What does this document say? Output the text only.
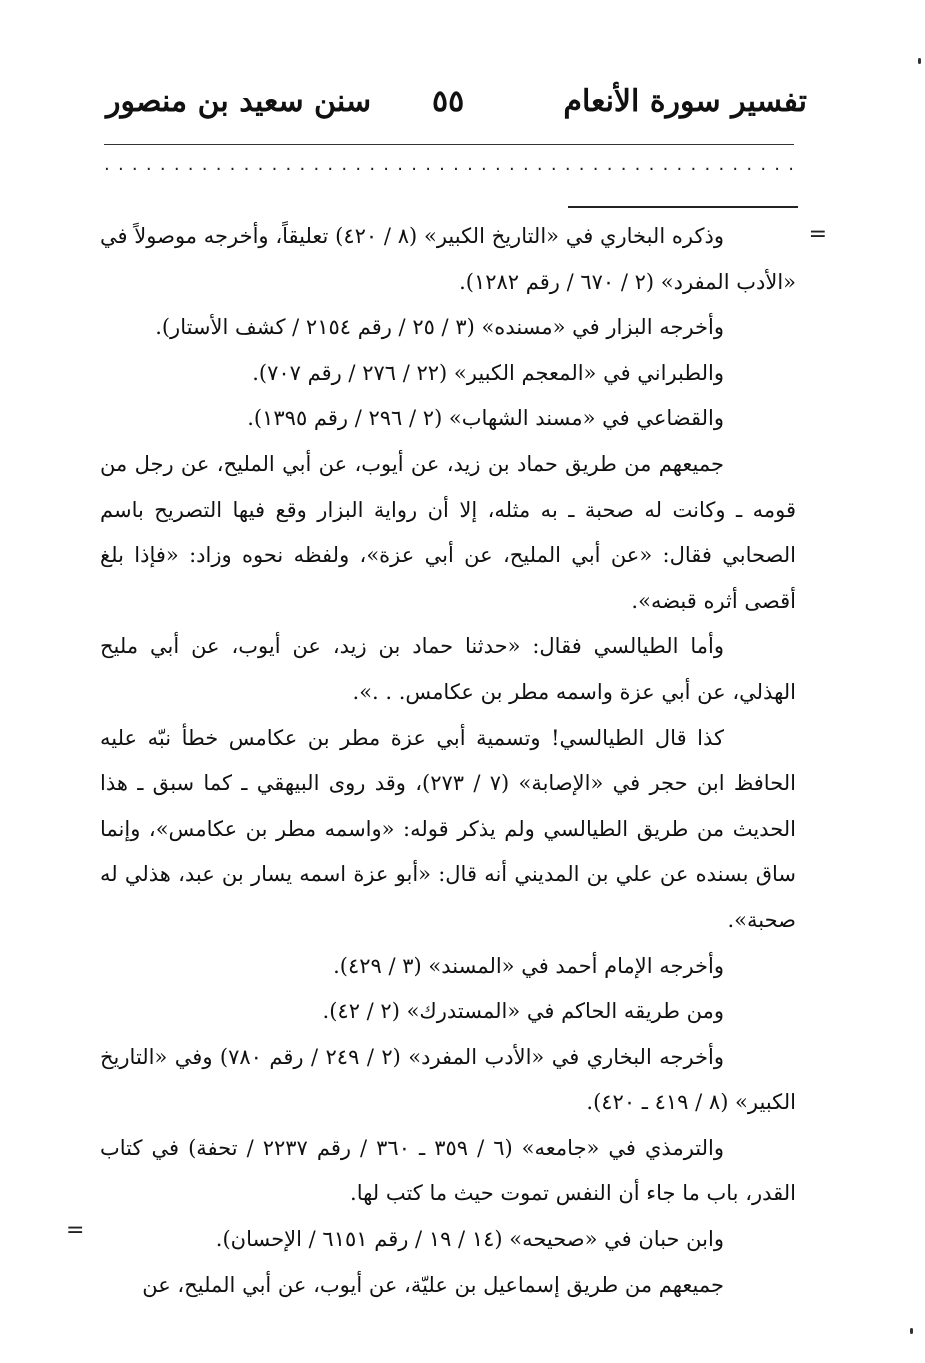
تفسير سورة الأنعام
٥٥
سنن سعيد بن منصور
. . . . . . . . . . . . . . . . . . . . . . . . . . . . . . . . . . . . . . . . . . . . . . . . . .
=
=

وذكره البخاري في «التاريخ الكبير» (٨ / ٤٢٠) تعليقاً، وأخرجه موصولاً في «الأدب المفرد» (٢ / ٦٧٠ / رقم ١٢٨٢).

وأخرجه البزار في «مسنده» (٣ / ٢٥ / رقم ٢١٥٤ / كشف الأستار).

والطبراني في «المعجم الكبير» (٢٢ / ٢٧٦ / رقم ٧٠٧).

والقضاعي في «مسند الشهاب» (٢ / ٢٩٦ / رقم ١٣٩٥).

جميعهم من طريق حماد بن زيد، عن أيوب، عن أبي المليح، عن رجل من قومه ـ وكانت له صحبة ـ به مثله، إلا أن رواية البزار وقع فيها التصريح باسم الصحابي فقال: «عن أبي المليح، عن أبي عزة»، ولفظه نحوه وزاد: «فإذا بلغ أقصى أثره قبضه».

وأما الطيالسي فقال: «حدثنا حماد بن زيد، عن أيوب، عن أبي مليح الهذلي، عن أبي عزة واسمه مطر بن عكامس. . .».

كذا قال الطيالسي! وتسمية أبي عزة مطر بن عكامس خطأ نبّه عليه الحافظ ابن حجر في «الإصابة» (٧ / ٢٧٣)، وقد روى البيهقي ـ كما سبق ـ هذا الحديث من طريق الطيالسي ولم يذكر قوله: «واسمه مطر بن عكامس»، وإنما ساق بسنده عن علي بن المديني أنه قال: «أبو عزة اسمه يسار بن عبد، هذلي له صحبة».

وأخرجه الإمام أحمد في «المسند» (٣ / ٤٢٩).

ومن طريقه الحاكم في «المستدرك» (٢ / ٤٢).

وأخرجه البخاري في «الأدب المفرد» (٢ / ٢٤٩ / رقم ٧٨٠) وفي «التاريخ الكبير» (٨ / ٤١٩ ـ ٤٢٠).

والترمذي في «جامعه» (٦ / ٣٥٩ ـ ٣٦٠ / رقم ٢٢٣٧ / تحفة) في كتاب القدر، باب ما جاء أن النفس تموت حيث ما كتب لها.

وابن حبان في «صحيحه» (١٤ / ١٩ / رقم ٦١٥١ / الإحسان).

جميعهم من طريق إسماعيل بن عليّة، عن أيوب، عن أبي المليح، عن
